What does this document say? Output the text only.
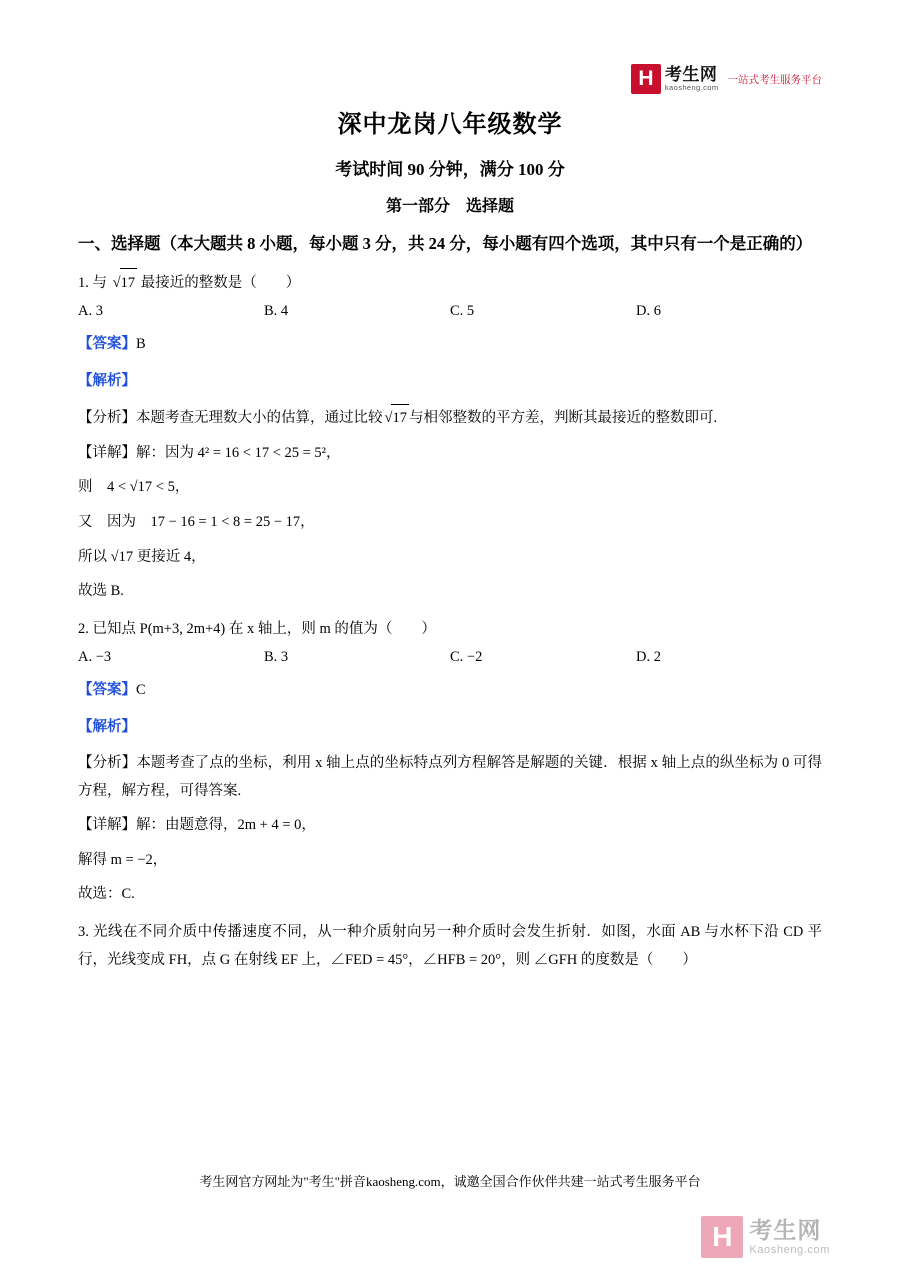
H 考生网
kaosheng.com
一站式考生服务平台
深中龙岗八年级数学
考试时间 90 分钟，满分 100 分
第一部分　选择题
一、选择题（本大题共 8 小题，每小题 3 分，共 24 分，每小题有四个选项，其中只有一个是正确的）
1. 与 √17 最接近的整数是（　　）
A. 3	B. 4	C. 5	D. 6
【答案】B
【解析】
【分析】本题考查无理数大小的估算，通过比较 √17 与相邻整数的平方差，判断其最接近的整数即可.
【详解】解：因为 4² = 16 < 17 < 25 = 5²，
则　4 < √17 < 5，
又　因为　17 − 16 = 1 < 8 = 25 − 17，
所以 √17 更接近 4，
故选 B.
2. 已知点 P(m+3, 2m+4) 在 x 轴上，则 m 的值为（　　）
A. −3	B. 3	C. −2	D. 2
【答案】C
【解析】
【分析】本题考查了点的坐标，利用 x 轴上点的坐标特点列方程解答是解题的关键．根据 x 轴上点的纵坐标为 0 可得方程，解方程，可得答案.
【详解】解：由题意得，2m + 4 = 0，
解得 m = −2，
故选：C.
3. 光线在不同介质中传播速度不同，从一种介质射向另一种介质时会发生折射．如图，水面 AB 与水杯下沿 CD 平行，光线变成 FH，点 G 在射线 EF 上，∠FED = 45°，∠HFB = 20°，则 ∠GFH 的度数是（　　）
考生网官方网址为"考生"拼音kaosheng.com，诚邀全国合作伙伴共建一站式考生服务平台
H 考生网
Kaosheng.com
